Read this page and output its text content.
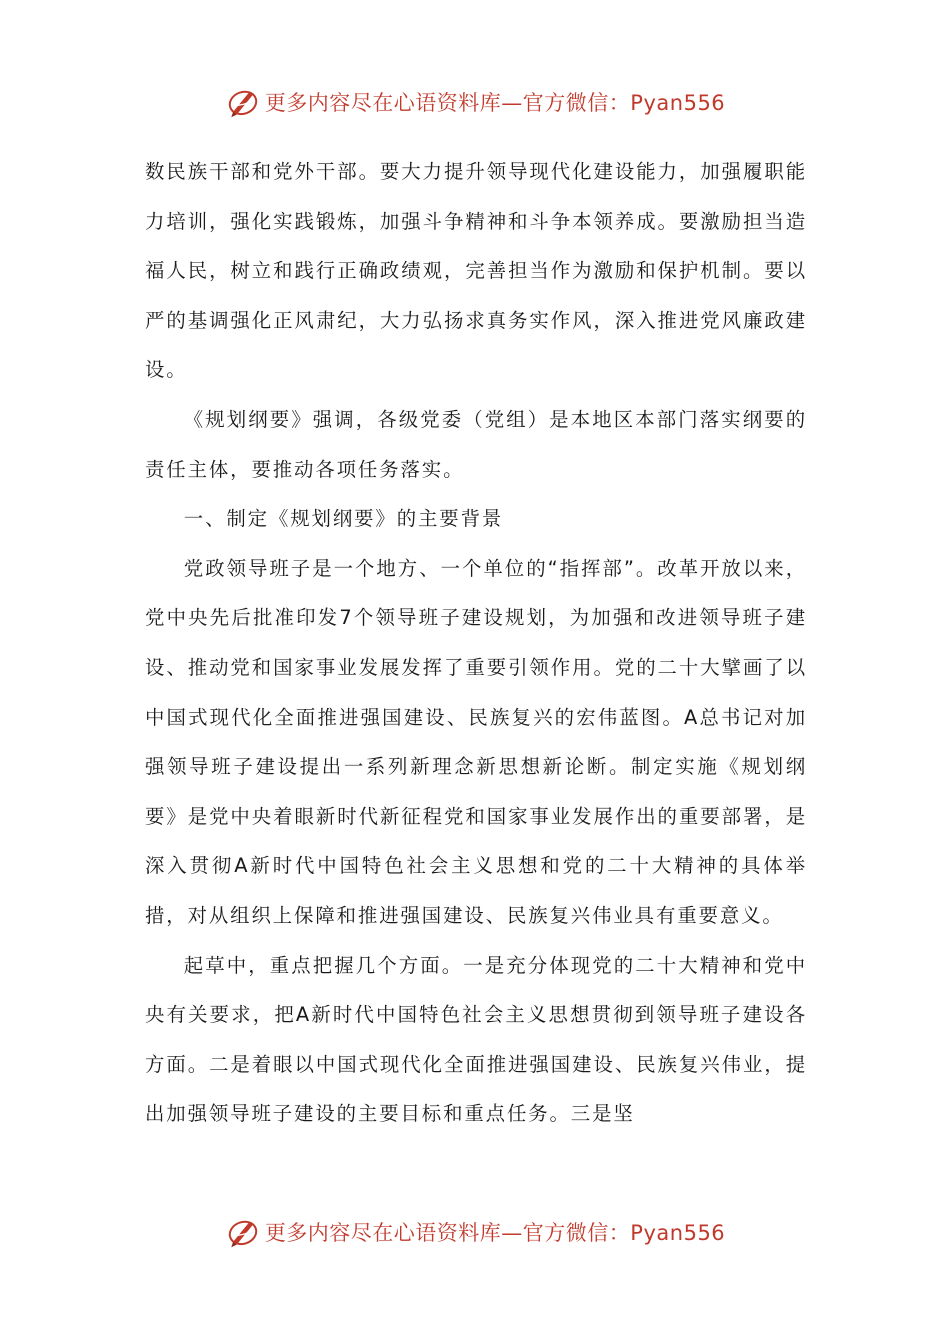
更多内容尽在心语资料库—官方微信：Pyan556

数民族干部和党外干部。要大力提升领导现代化建设能力，加强履职能力培训，强化实践锻炼，加强斗争精神和斗争本领养成。要激励担当造福人民，树立和践行正确政绩观，完善担当作为激励和保护机制。要以严的基调强化正风肃纪，大力弘扬求真务实作风，深入推进党风廉政建设。

《规划纲要》强调，各级党委（党组）是本地区本部门落实纲要的责任主体，要推动各项任务落实。

一、制定《规划纲要》的主要背景

党政领导班子是一个地方、一个单位的“指挥部”。改革开放以来，党中央先后批准印发7个领导班子建设规划，为加强和改进领导班子建设、推动党和国家事业发展发挥了重要引领作用。党的二十大擘画了以中国式现代化全面推进强国建设、民族复兴的宏伟蓝图。A总书记对加强领导班子建设提出一系列新理念新思想新论断。制定实施《规划纲要》是党中央着眼新时代新征程党和国家事业发展作出的重要部署，是深入贯彻A新时代中国特色社会主义思想和党的二十大精神的具体举措，对从组织上保障和推进强国建设、民族复兴伟业具有重要意义。

起草中，重点把握几个方面。一是充分体现党的二十大精神和党中央有关要求，把A新时代中国特色社会主义思想贯彻到领导班子建设各方面。二是着眼以中国式现代化全面推进强国建设、民族复兴伟业，提出加强领导班子建设的主要目标和重点任务。三是坚

更多内容尽在心语资料库—官方微信：Pyan556
